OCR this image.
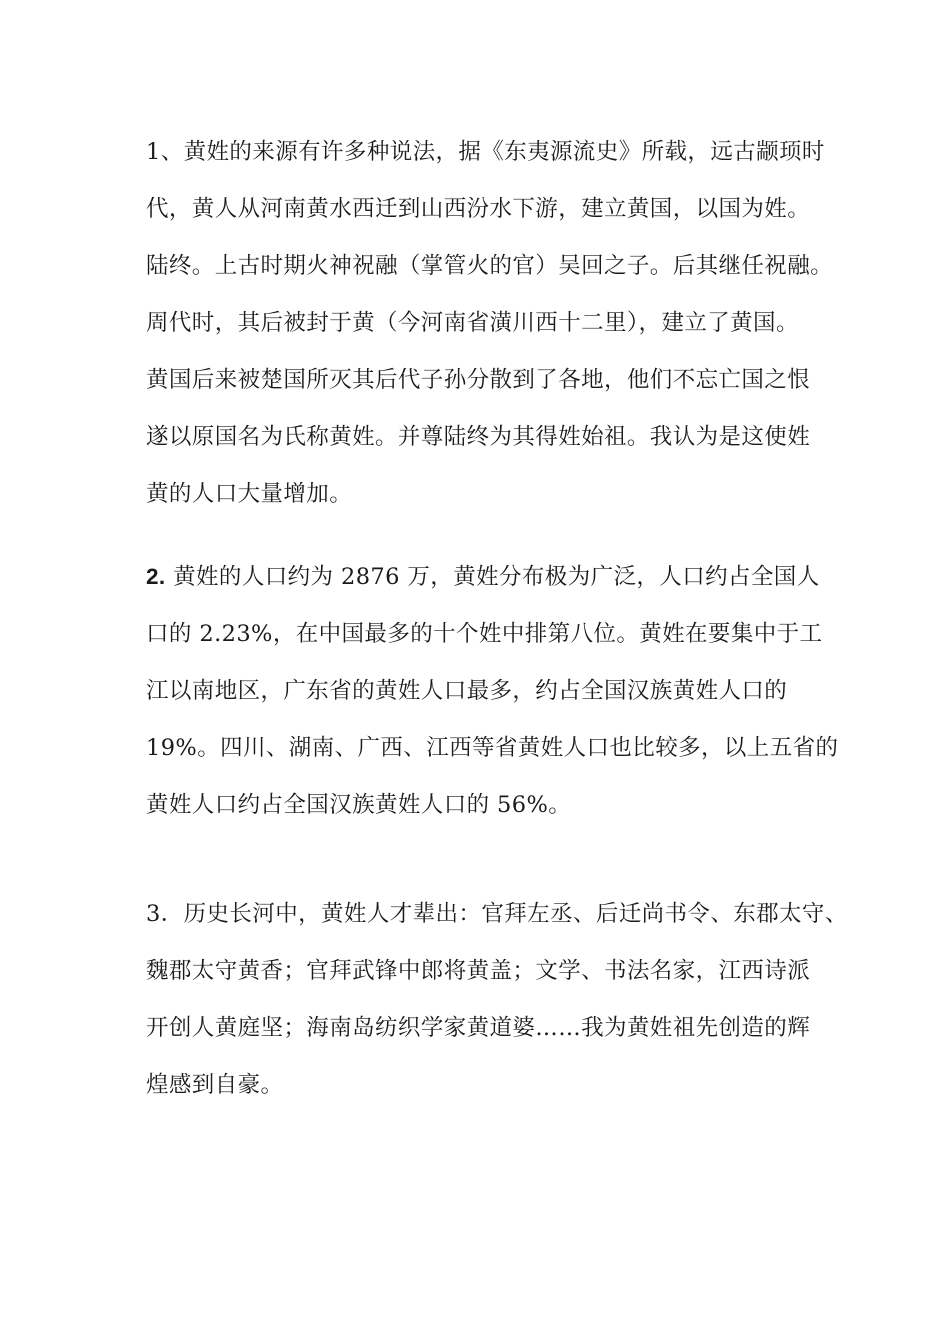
1、黄姓的来源有许多种说法，据《东夷源流史》所载，远古颛顼时
代，黄人从河南黄水西迁到山西汾水下游，建立黄国，以国为姓。
陆终。上古时期火神祝融（掌管火的官）吴回之子。后其继任祝融。
周代时，其后被封于黄（今河南省潢川西十二里），建立了黄国。
黄国后来被楚国所灭其后代子孙分散到了各地，他们不忘亡国之恨
遂以原国名为氏称黄姓。并尊陆终为其得姓始祖。我认为是这使姓
黄的人口大量增加。
2. 黄姓的人口约为 2876 万，黄姓分布极为广泛，人口约占全国人
口的 2.23%，在中国最多的十个姓中排第八位。黄姓在要集中于工
江以南地区，广东省的黄姓人口最多，约占全国汉族黄姓人口的
19%。四川、湖南、广西、江西等省黄姓人口也比较多，以上五省的
黄姓人口约占全国汉族黄姓人口的 56%。
3．历史长河中，黄姓人才辈出：官拜左丞、后迁尚书令、东郡太守、
魏郡太守黄香；官拜武锋中郎将黄盖；文学、书法名家，江西诗派
开创人黄庭坚；海南岛纺织学家黄道婆……我为黄姓祖先创造的辉
煌感到自豪。
